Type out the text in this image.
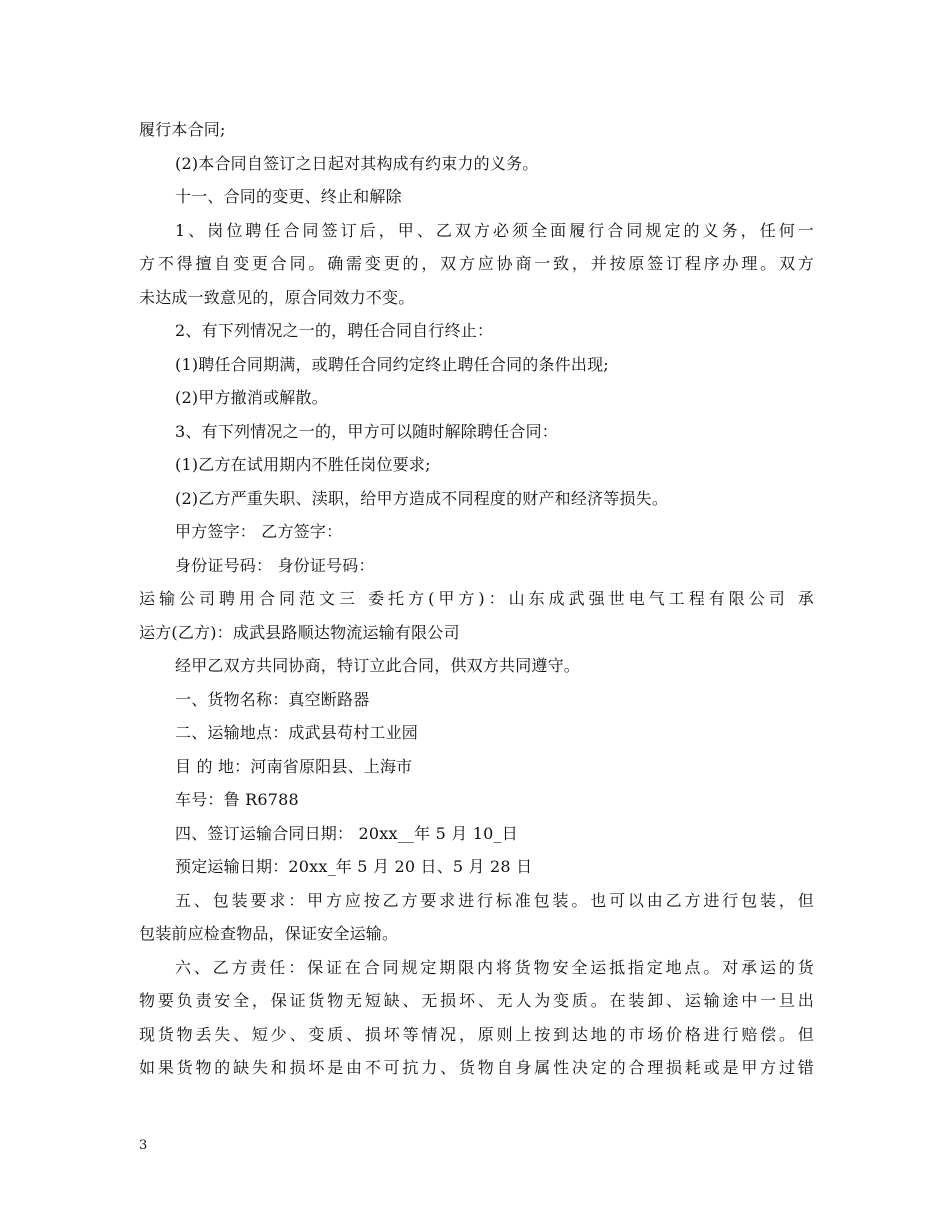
履行本合同;
(2)本合同自签订之日起对其构成有约束力的义务。
十一、合同的变更、终止和解除
1、岗位聘任合同签订后，甲、乙双方必须全面履行合同规定的义务，任何一
方不得擅自变更合同。确需变更的，双方应协商一致，并按原签订程序办理。双方
未达成一致意见的，原合同效力不变。
2、有下列情况之一的，聘任合同自行终止：
(1)聘任合同期满，或聘任合同约定终止聘任合同的条件出现;
(2)甲方撤消或解散。
3、有下列情况之一的，甲方可以随时解除聘任合同：
(1)乙方在试用期内不胜任岗位要求;
(2)乙方严重失职、渎职，给甲方造成不同程度的财产和经济等损失。
甲方签字： 乙方签字：
身份证号码： 身份证号码：
运输公司聘用合同范文三 委托方(甲方)：山东成武强世电气工程有限公司 承
运方(乙方)：成武县路顺达物流运输有限公司
经甲乙双方共同协商，特订立此合同，供双方共同遵守。
一、货物名称：真空断路器
二、运输地点：成武县苟村工业园
目 的 地：河南省原阳县、上海市
车号：鲁 R6788
四、签订运输合同日期： 20xx__年 5 月 10_日
预定运输日期：20xx_年 5 月 20 日、5 月 28 日
五、包装要求：甲方应按乙方要求进行标准包装。也可以由乙方进行包装，但
包装前应检查物品，保证安全运输。
六、乙方责任：保证在合同规定期限内将货物安全运抵指定地点。对承运的货
物要负责安全，保证货物无短缺、无损坏、无人为变质。在装卸、运输途中一旦出
现货物丢失、短少、变质、损坏等情况，原则上按到达地的市场价格进行赔偿。但
如果货物的缺失和损坏是由不可抗力、货物自身属性决定的合理损耗或是甲方过错
3
